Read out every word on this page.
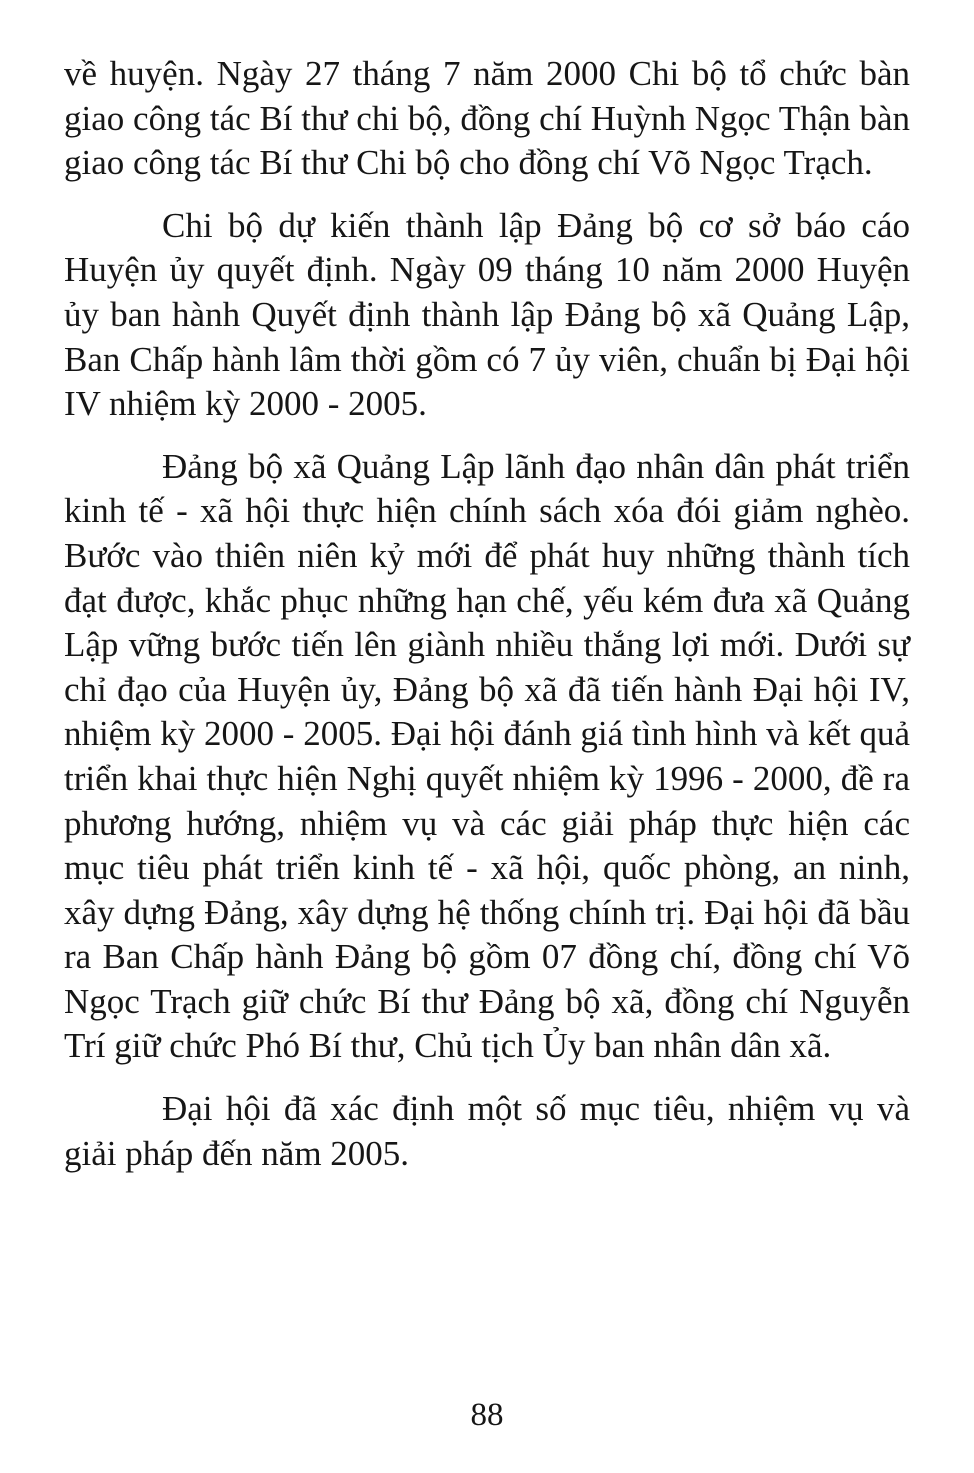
về huyện. Ngày 27 tháng 7 năm 2000 Chi bộ tổ chức bàn giao công tác Bí thư chi bộ, đồng chí Huỳnh Ngọc Thận bàn giao công tác Bí thư Chi bộ cho đồng chí Võ Ngọc Trạch.

Chi bộ dự kiến thành lập Đảng bộ cơ sở báo cáo Huyện ủy quyết định. Ngày 09 tháng 10 năm 2000 Huyện ủy ban hành Quyết định thành lập Đảng bộ xã Quảng Lập, Ban Chấp hành lâm thời gồm có 7 ủy viên, chuẩn bị Đại hội IV nhiệm kỳ 2000 - 2005.

Đảng bộ xã Quảng Lập lãnh đạo nhân dân phát triển kinh tế - xã hội thực hiện chính sách xóa đói giảm nghèo. Bước vào thiên niên kỷ mới để phát huy những thành tích đạt được, khắc phục những hạn chế, yếu kém đưa xã Quảng Lập vững bước tiến lên giành nhiều thắng lợi mới. Dưới sự chỉ đạo của Huyện ủy, Đảng bộ xã đã tiến hành Đại hội IV, nhiệm kỳ 2000 - 2005. Đại hội đánh giá tình hình và kết quả triển khai thực hiện Nghị quyết nhiệm kỳ 1996 - 2000, đề ra phương hướng, nhiệm vụ và các giải pháp thực hiện các mục tiêu phát triển kinh tế - xã hội, quốc phòng, an ninh, xây dựng Đảng, xây dựng hệ thống chính trị. Đại hội đã bầu ra Ban Chấp hành Đảng bộ gồm 07 đồng chí, đồng chí Võ Ngọc Trạch giữ chức Bí thư Đảng bộ xã, đồng chí Nguyễn Trí giữ chức Phó Bí thư, Chủ tịch Ủy ban nhân dân xã.

Đại hội đã xác định một số mục tiêu, nhiệm vụ và giải pháp đến năm 2005.

88
